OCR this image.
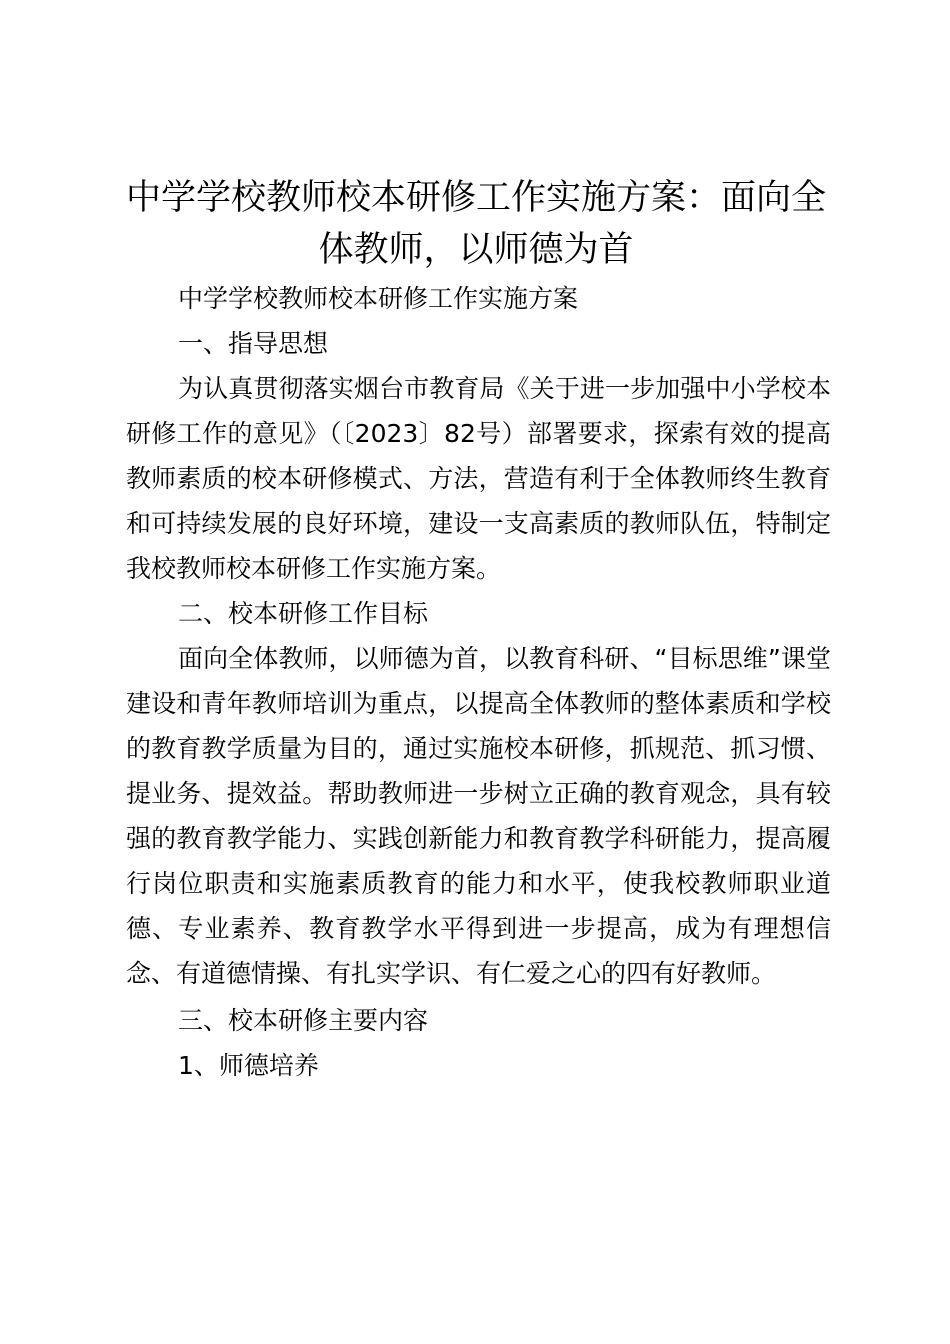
中学学校教师校本研修工作实施方案：面向全体教师，以师德为首

中学学校教师校本研修工作实施方案

一、指导思想

为认真贯彻落实烟台市教育局《关于进一步加强中小学校本研修工作的意见》（〔2023〕82号）部署要求，探索有效的提高教师素质的校本研修模式、方法，营造有利于全体教师终生教育和可持续发展的良好环境，建设一支高素质的教师队伍，特制定我校教师校本研修工作实施方案。

二、校本研修工作目标

面向全体教师，以师德为首，以教育科研、“目标思维”课堂建设和青年教师培训为重点，以提高全体教师的整体素质和学校的教育教学质量为目的，通过实施校本研修，抓规范、抓习惯、提业务、提效益。帮助教师进一步树立正确的教育观念，具有较强的教育教学能力、实践创新能力和教育教学科研能力，提高履行岗位职责和实施素质教育的能力和水平，使我校教师职业道德、专业素养、教育教学水平得到进一步提高，成为有理想信念、有道德情操、有扎实学识、有仁爱之心的四有好教师。

三、校本研修主要内容

1、师德培养
